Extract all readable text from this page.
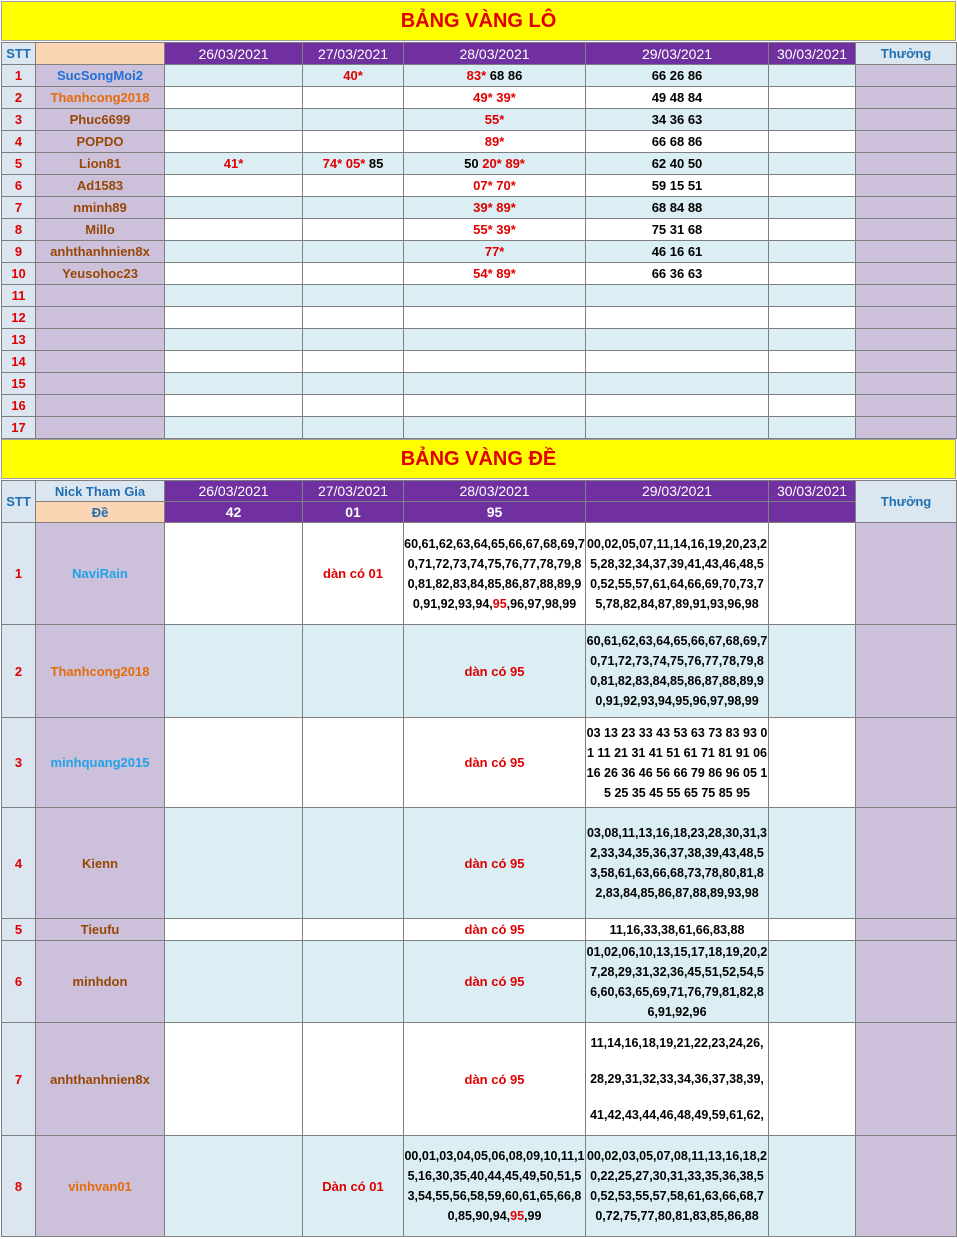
BẢNG VÀNG LÔ
STT		26/03/2021	27/03/2021	28/03/2021	29/03/2021	30/03/2021	Thưởng
1	SucSongMoi2		40*	83* 68 86	66 26 86		
2	Thanhcong2018			49* 39*	49 48 84		
3	Phuc6699			55*	34 36 63		
4	POPDO			89*	66 68 86		
5	Lion81	41*	74* 05* 85	50 20* 89*	62 40 50		
6	Ad1583			07* 70*	59 15 51		
7	nminh89			39* 89*	68 84 88		
8	Millo			55* 39*	75 31 68		
9	anhthanhnien8x			77*	46 16 61		
10	Yeusohoc23			54* 89*	66 36 63		
11							
12							
13							
14							
15							
16							
17							
BẢNG VÀNG ĐỀ
STT	Nick Tham Gia	26/03/2021	27/03/2021	28/03/2021	29/03/2021	30/03/2021	Thưởng
	Đề	42	01	95			
1	NaviRain		dàn có 01	60,61,62,63,64,65,66,67,68,69,70,71,72,73,74,75,76,77,78,79,80,81,82,83,84,85,86,87,88,89,90,91,92,93,94,95,96,97,98,99	00,02,05,07,11,14,16,19,20,23,25,28,32,34,37,39,41,43,46,48,50,52,55,57,61,64,66,69,70,73,75,78,82,84,87,89,91,93,96,98		

2	Thanhcong2018			dàn có 95	60,61,62,63,64,65,66,67,68,69,70,71,72,73,74,75,76,77,78,79,80,81,82,83,84,85,86,87,88,89,90,91,92,93,94,95,96,97,98,99		

3	minhquang2015			dàn có 95	03 13 23 33 43 53 63 73 83 93 01 11 21 31 41 51 61 71 81 91 06 16 26 36 46 56 66 79 86 96 05 15 25 35 45 55 65 75 85 95		

4	Kienn			dàn có 95	03,08,11,13,16,18,23,28,30,31,32,33,34,35,36,37,38,39,43,48,53,58,61,63,66,68,73,78,80,81,82,83,84,85,86,87,88,89,93,98		

5	Tieufu			dàn có 95	11,16,33,38,61,66,83,88		

6	minhdon			dàn có 95	01,02,06,10,13,15,17,18,19,20,27,28,29,31,32,36,45,51,52,54,56,60,63,65,69,71,76,79,81,82,86,91,92,96		

7	anhthanhnien8x			dàn có 95	11,14,16,18,19,21,22,23,24,26,
28,29,31,32,33,34,36,37,38,39,
41,42,43,44,46,48,49,59,61,62,		

8	vinhvan01		Dàn có 01	00,01,03,04,05,06,08,09,10,11,15,16,30,35,40,44,45,49,50,51,53,54,55,56,58,59,60,61,65,66,80,85,90,94,95,99	00,02,03,05,07,08,11,13,16,18,20,22,25,27,30,31,33,35,36,38,50,52,53,55,57,58,61,63,66,68,70,72,75,77,80,81,83,85,86,88		
